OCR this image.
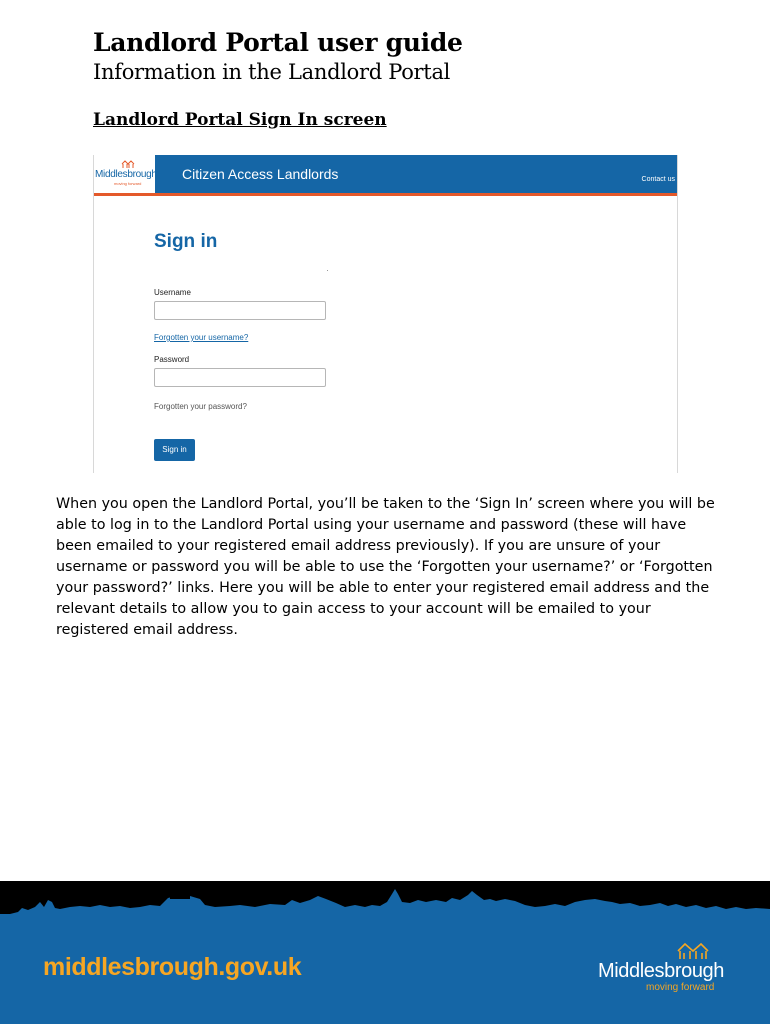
Landlord Portal user guide
Information in the Landlord Portal
Landlord Portal Sign In screen
Middlesbrough
moving forward
Citizen Access Landlords	Contact us
Sign in
Username
Forgotten your username?
Password
Forgotten your password?
Sign in

When you open the Landlord Portal, you’ll be taken to the ‘Sign In’ screen where you will be able to log in to the Landlord Portal using your username and password (these will have been emailed to your registered email address previously). If you are unsure of your username or password you will be able to use the ‘Forgotten your username?’ or ‘Forgotten your password?’ links. Here you will be able to enter your registered email address and the relevant details to allow you to gain access to your account will be emailed to your registered email address.

middlesbrough.gov.uk	Middlesbrough
moving forward
